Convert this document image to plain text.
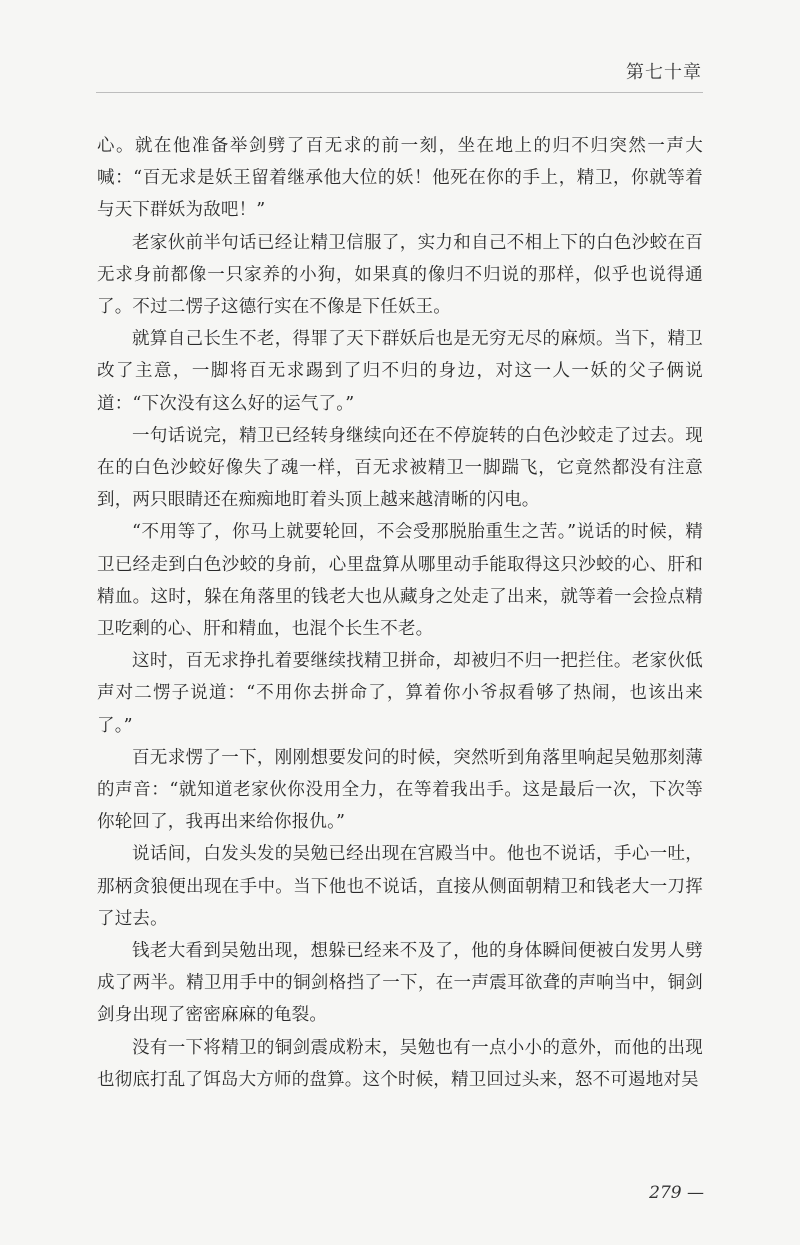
第七十章

心。就在他准备举剑劈了百无求的前一刻，坐在地上的归不归突然一声大喊：“百无求是妖王留着继承他大位的妖！他死在你的手上，精卫，你就等着与天下群妖为敌吧！”

老家伙前半句话已经让精卫信服了，实力和自己不相上下的白色沙蛟在百无求身前都像一只家养的小狗，如果真的像归不归说的那样，似乎也说得通了。不过二愣子这德行实在不像是下任妖王。

就算自己长生不老，得罪了天下群妖后也是无穷无尽的麻烦。当下，精卫改了主意，一脚将百无求踢到了归不归的身边，对这一人一妖的父子俩说道：“下次没有这么好的运气了。”

一句话说完，精卫已经转身继续向还在不停旋转的白色沙蛟走了过去。现在的白色沙蛟好像失了魂一样，百无求被精卫一脚踹飞，它竟然都没有注意到，两只眼睛还在痴痴地盯着头顶上越来越清晰的闪电。

“不用等了，你马上就要轮回，不会受那脱胎重生之苦。”说话的时候，精卫已经走到白色沙蛟的身前，心里盘算从哪里动手能取得这只沙蛟的心、肝和精血。这时，躲在角落里的钱老大也从藏身之处走了出来，就等着一会捡点精卫吃剩的心、肝和精血，也混个长生不老。

这时，百无求挣扎着要继续找精卫拼命，却被归不归一把拦住。老家伙低声对二愣子说道：“不用你去拼命了，算着你小爷叔看够了热闹，也该出来了。”

百无求愣了一下，刚刚想要发问的时候，突然听到角落里响起吴勉那刻薄的声音：“就知道老家伙你没用全力，在等着我出手。这是最后一次，下次等你轮回了，我再出来给你报仇。”

说话间，白发头发的吴勉已经出现在宫殿当中。他也不说话，手心一吐，那柄贪狼便出现在手中。当下他也不说话，直接从侧面朝精卫和钱老大一刀挥了过去。

钱老大看到吴勉出现，想躲已经来不及了，他的身体瞬间便被白发男人劈成了两半。精卫用手中的铜剑格挡了一下，在一声震耳欲聋的声响当中，铜剑剑身出现了密密麻麻的龟裂。

没有一下将精卫的铜剑震成粉末，吴勉也有一点小小的意外，而他的出现也彻底打乱了饵岛大方师的盘算。这个时候，精卫回过头来，怒不可遏地对吴

279 —
